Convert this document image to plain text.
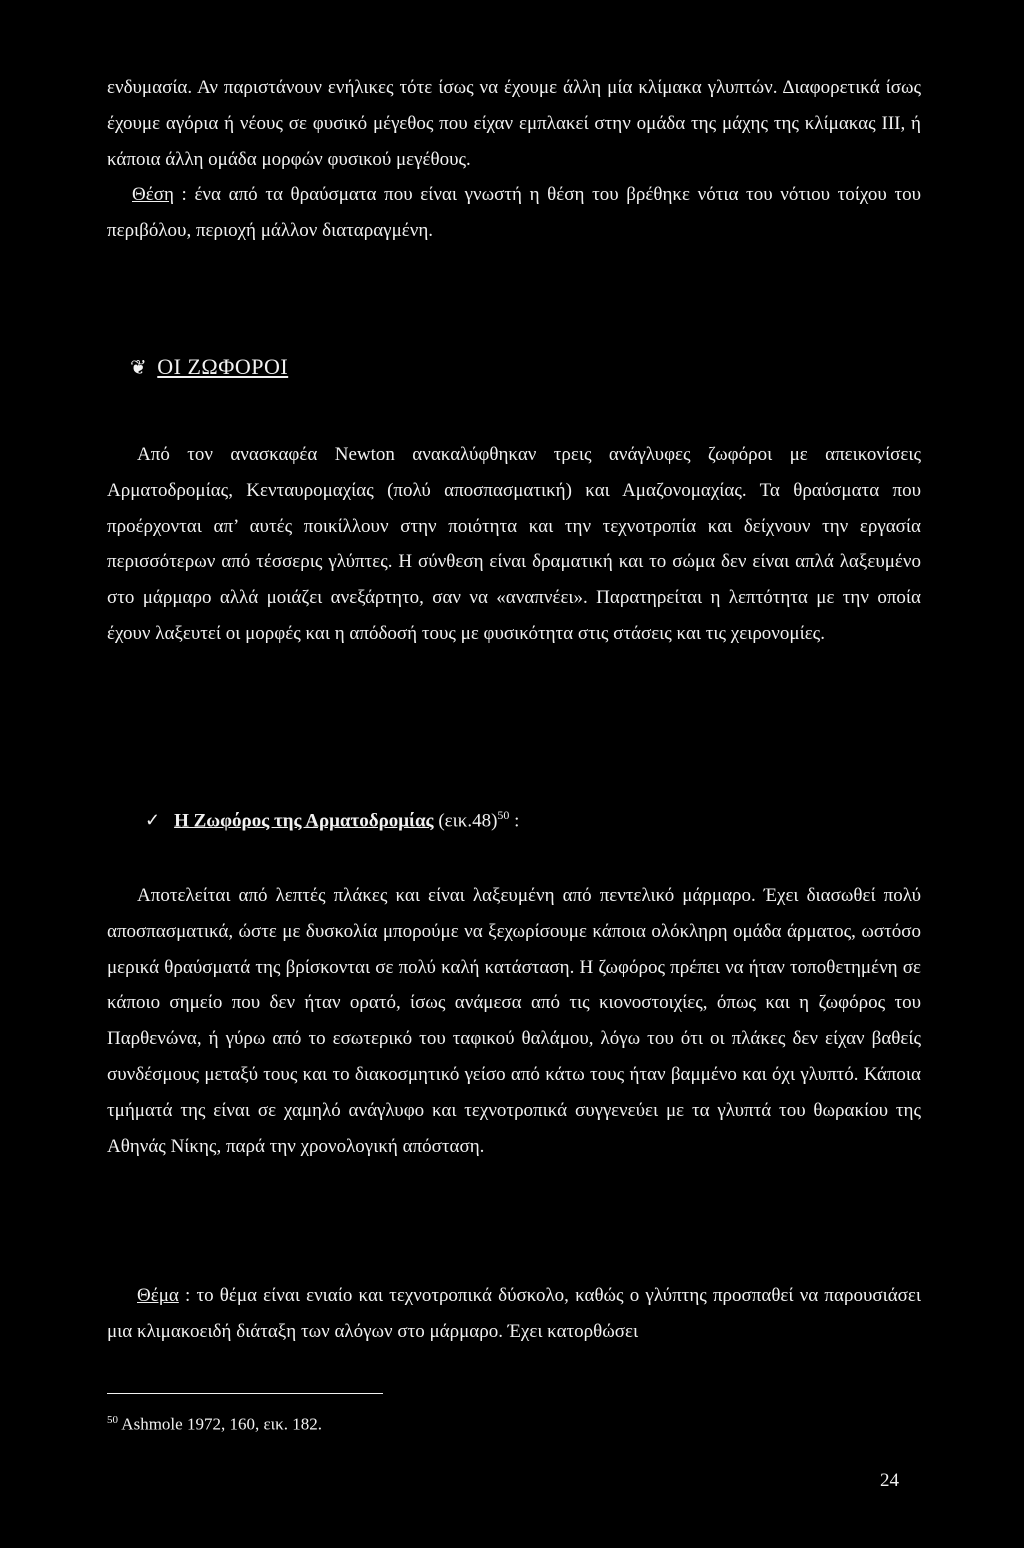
ενδυμασία. Αν παριστάνουν ενήλικες τότε ίσως να έχουμε άλλη μία κλίμακα γλυπτών. Διαφορετικά ίσως έχουμε αγόρια ή νέους σε φυσικό μέγεθος που είχαν εμπλακεί στην ομάδα της μάχης της κλίμακας ΙΙΙ, ή κάποια άλλη ομάδα μορφών φυσικού μεγέθους.
Θέση : ένα από τα θραύσματα που είναι γνωστή η θέση του βρέθηκε νότια του νότιου τοίχου του περιβόλου, περιοχή μάλλον διαταραγμένη.
❦ ΟΙ ΖΩΦΟΡΟΙ
Από τον ανασκαφέα Newton ανακαλύφθηκαν τρεις ανάγλυφες ζωφόροι με απεικονίσεις Αρματοδρομίας, Κενταυρομαχίας (πολύ αποσπασματική) και Αμαζονομαχίας. Τα θραύσματα που προέρχονται απ’ αυτές ποικίλλουν στην ποιότητα και την τεχνοτροπία και δείχνουν την εργασία περισσότερων από τέσσερις γλύπτες. Η σύνθεση είναι δραματική και το σώμα δεν είναι απλά λαξευμένο στο μάρμαρο αλλά μοιάζει ανεξάρτητο, σαν να «αναπνέει». Παρατηρείται η λεπτότητα με την οποία έχουν λαξευτεί οι μορφές και η απόδοσή τους με φυσικότητα στις στάσεις και τις χειρονομίες.
✓ Η Ζωφόρος της Αρματοδρομίας $(\varepsilon\iota\kappa.48)^{50}$ :
Αποτελείται από λεπτές πλάκες και είναι λαξευμένη από πεντελικό μάρμαρο. Έχει διασωθεί πολύ αποσπασματικά, ώστε με δυσκολία μπορούμε να ξεχωρίσουμε κάποια ολόκληρη ομάδα άρματος, ωστόσο μερικά θραύσματά της βρίσκονται σε πολύ καλή κατάσταση. Η ζωφόρος πρέπει να ήταν τοποθετημένη σε κάποιο σημείο που δεν ήταν ορατό, ίσως ανάμεσα από τις κιονοστοιχίες, όπως και η ζωφόρος του Παρθενώνα, ή γύρω από το εσωτερικό του ταφικού θαλάμου, λόγω του ότι οι πλάκες δεν είχαν βαθείς συνδέσμους μεταξύ τους και το διακοσμητικό γείσο από κάτω τους ήταν βαμμένο και όχι γλυπτό. Κάποια τμήματά της είναι σε χαμηλό ανάγλυφο και τεχνοτροπικά συγγενεύει με τα γλυπτά του θωρακίου της Αθηνάς Νίκης, παρά την χρονολογική απόσταση.
Θέμα : το θέμα είναι ενιαίο και τεχνοτροπικά δύσκολο, καθώς ο γλύπτης προσπαθεί να παρουσιάσει μια κλιμακοειδή διάταξη των αλόγων στο μάρμαρο. Έχει κατορθώσει
$^{50}$ Ashmole 1972, 160, εικ. 182.
24
